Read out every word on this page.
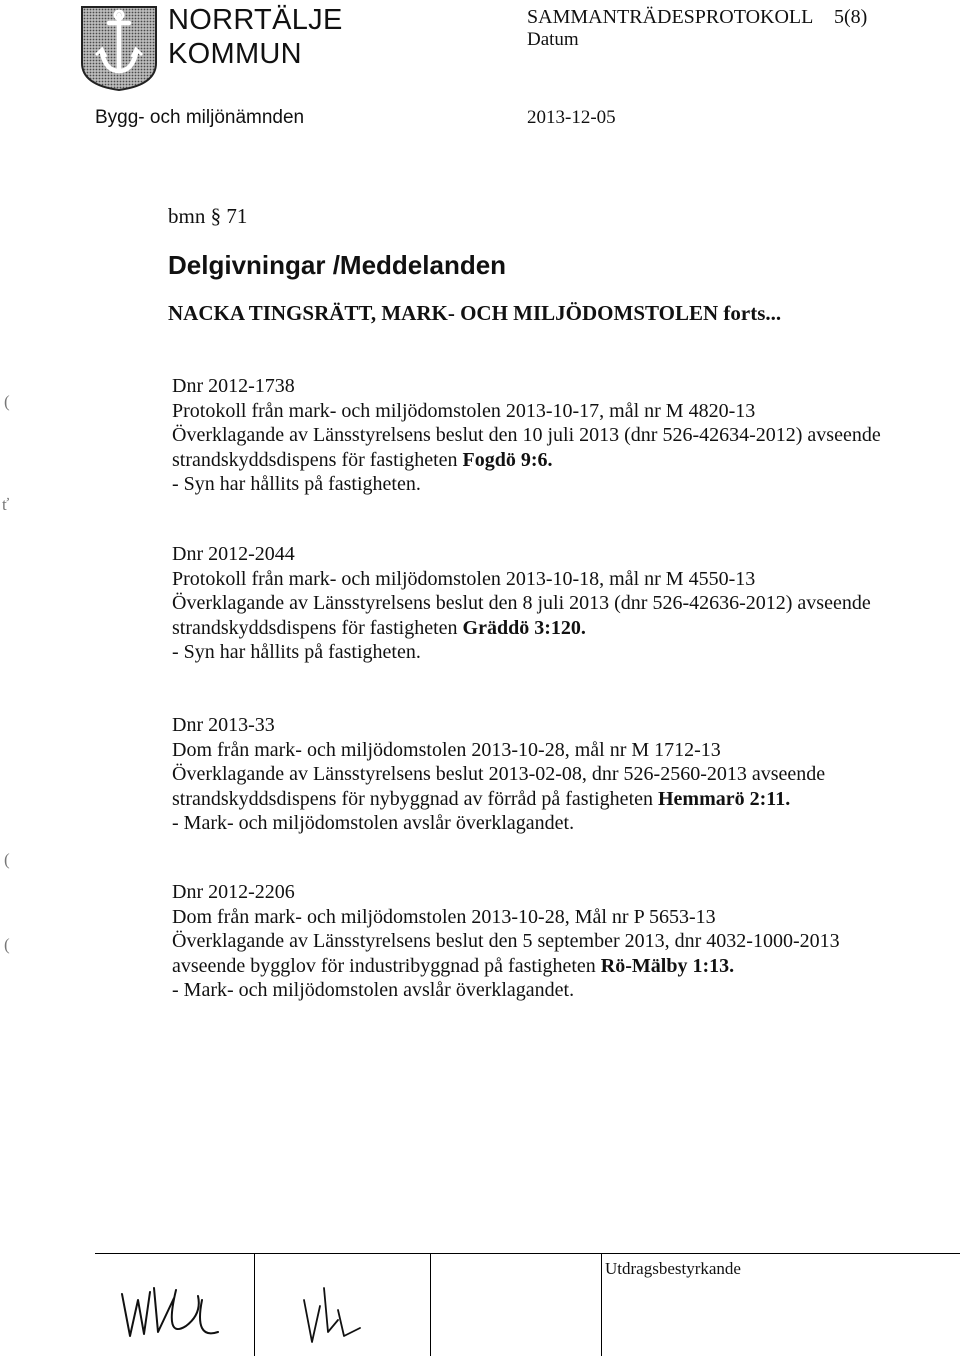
NORRTÄLJE
KOMMUN
Bygg- och miljönämnden
SAMMANTRÄDESPROTOKOLL 5(8)
Datum
2013-12-05
bmn § 71
Delgivningar /Meddelanden
NACKA TINGSRÄTT, MARK- OCH MILJÖDOMSTOLEN forts...
Dnr 2012-1738
Protokoll från mark- och miljödomstolen 2013-10-17, mål nr M 4820-13
Överklagande av Länsstyrelsens beslut den 10 juli 2013 (dnr 526-42634-2012) avseende
strandskyddsdispens för fastigheten Fogdö 9:6.
- Syn har hållits på fastigheten.
Dnr 2012-2044
Protokoll från mark- och miljödomstolen 2013-10-18, mål nr M 4550-13
Överklagande av Länsstyrelsens beslut den 8 juli 2013 (dnr 526-42636-2012) avseende
strandskyddsdispens för fastigheten Gräddö 3:120.
- Syn har hållits på fastigheten.
Dnr 2013-33
Dom från mark- och miljödomstolen 2013-10-28, mål nr M 1712-13
Överklagande av Länsstyrelsens beslut 2013-02-08, dnr 526-2560-2013 avseende
strandskyddsdispens för nybyggnad av förråd på fastigheten Hemmarö 2:11.
- Mark- och miljödomstolen avslår överklagandet.
Dnr 2012-2206
Dom från mark- och miljödomstolen 2013-10-28, Mål nr P 5653-13
Överklagande av Länsstyrelsens beslut den 5 september 2013, dnr 4032-1000-2013
avseende bygglov för industribyggnad på fastigheten Rö-Mälby 1:13.
- Mark- och miljödomstolen avslår överklagandet.
(
ť
(
(
Utdragsbestyrkande
